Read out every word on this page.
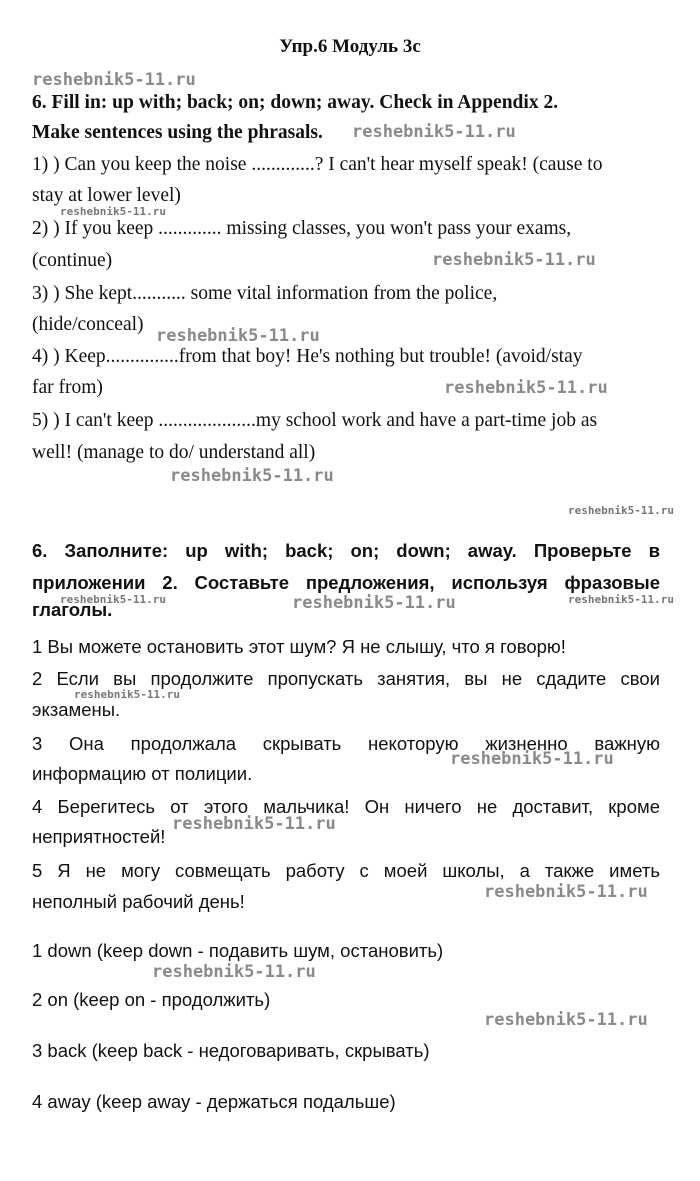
Упр.6 Модуль 3с
6. Fill in: up with; back; on; down; away. Check in Appendix 2.
Make sentences using the phrasals.
1) ) Can you keep the noise .............? I can't hear myself speak! (cause to
stay at lower level)
2) ) If you keep ............. missing classes, you won't pass your exams,
(continue)
3) ) She kept........... some vital information from the police,
(hide/conceal)
4) ) Keep...............from that boy! He's nothing but trouble! (avoid/stay
far from)
5) ) I can't keep ....................my school work and have a part-time job as
well! (manage to do/ understand all)
6. Заполните: up with; back; on; down; away. Проверьте в
приложении 2. Составьте предложения, используя фразовые
глаголы.
1 Вы можете остановить этот шум? Я не слышу, что я говорю!
2 Если вы продолжите пропускать занятия, вы не сдадите свои
экзамены.
3 Она продолжала скрывать некоторую жизненно важную
информацию от полиции.
4 Берегитесь от этого мальчика! Он ничего не доставит, кроме
неприятностей!
5 Я не могу совмещать работу с моей школы, а также иметь
неполный рабочий день!
1 down (keep down - подавить шум, остановить)
2 on (keep on - продолжить)
3 back (keep back - недоговаривать, скрывать)
4 away (keep away - держаться подальше)
reshebnik5-11.ru
reshebnik5-11.ru
reshebnik5-11.ru
reshebnik5-11.ru
reshebnik5-11.ru
reshebnik5-11.ru
reshebnik5-11.ru
reshebnik5-11.ru
reshebnik5-11.ru	reshebnik5-11.ru	reshebnik5-11.ru
reshebnik5-11.ru
reshebnik5-11.ru
reshebnik5-11.ru
reshebnik5-11.ru
reshebnik5-11.ru
reshebnik5-11.ru
